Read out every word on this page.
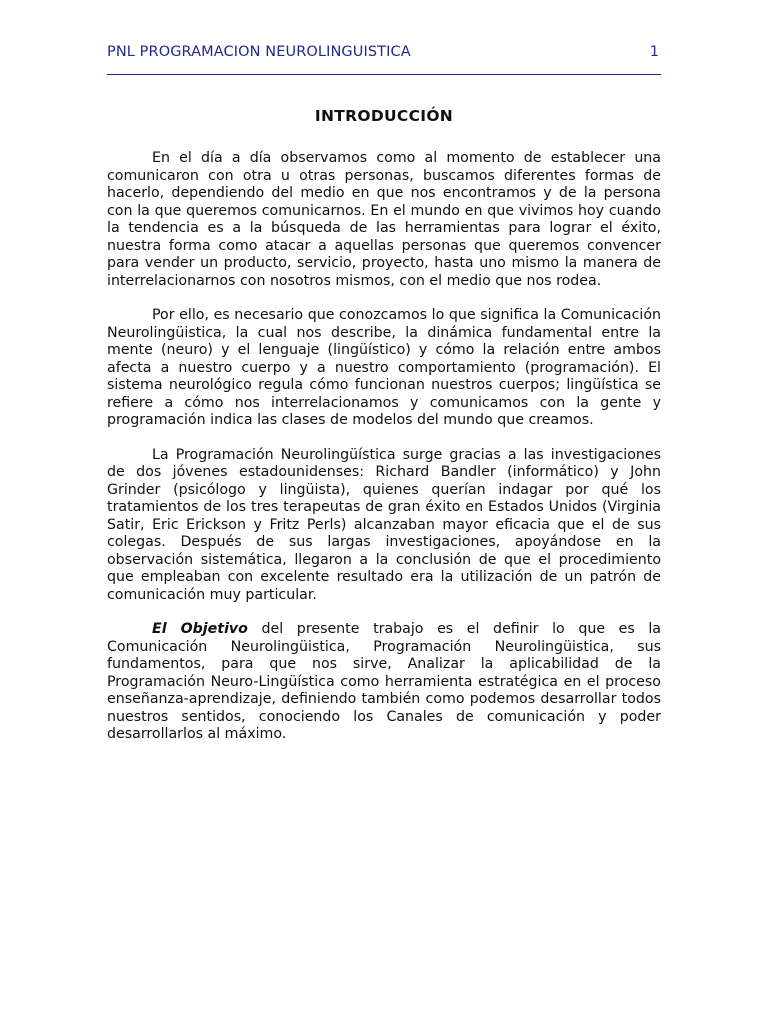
PNL PROGRAMACION NEUROLINGUISTICA	1
INTRODUCCIÓN

En el día a día observamos como al momento de establecer una comunicaron con otra u otras personas, buscamos diferentes formas de hacerlo, dependiendo del medio en que nos encontramos y de la persona con la que queremos comunicarnos. En el mundo en que vivimos hoy cuando la tendencia es a la búsqueda de las herramientas para lograr el éxito, nuestra forma como atacar a aquellas personas que queremos convencer para vender un producto, servicio, proyecto, hasta uno mismo la manera de interrelacionarnos con nosotros mismos, con el medio que nos rodea.

Por ello, es necesario que conozcamos lo que significa la Comunicación Neurolingüistica, la cual nos describe, la dinámica fundamental entre la mente (neuro) y el lenguaje (lingüístico) y cómo la relación entre ambos afecta a nuestro cuerpo y a nuestro comportamiento (programación). El sistema neurológico regula cómo funcionan nuestros cuerpos; lingüística se refiere a cómo nos interrelacionamos y comunicamos con la gente y programación indica las clases de modelos del mundo que creamos.

La Programación Neurolingüística surge gracias a las investigaciones de dos jóvenes estadounidenses: Richard Bandler (informático) y John Grinder (psicólogo y lingüista), quienes querían indagar por qué los tratamientos de los tres terapeutas de gran éxito en Estados Unidos (Virginia Satir, Eric Erickson y Fritz Perls) alcanzaban mayor eficacia que el de sus colegas. Después de sus largas investigaciones, apoyándose en la observación sistemática, llegaron a la conclusión de que el procedimiento que empleaban con excelente resultado era la utilización de un patrón de comunicación muy particular.

El Objetivo del presente trabajo es el definir lo que es la Comunicación Neurolingüistica, Programación Neurolingüistica, sus fundamentos, para que nos sirve, Analizar la aplicabilidad de la Programación Neuro-Lingüística como herramienta estratégica en el proceso enseñanza-aprendizaje, definiendo también como podemos desarrollar todos nuestros sentidos, conociendo los Canales de comunicación y poder desarrollarlos al máximo.
